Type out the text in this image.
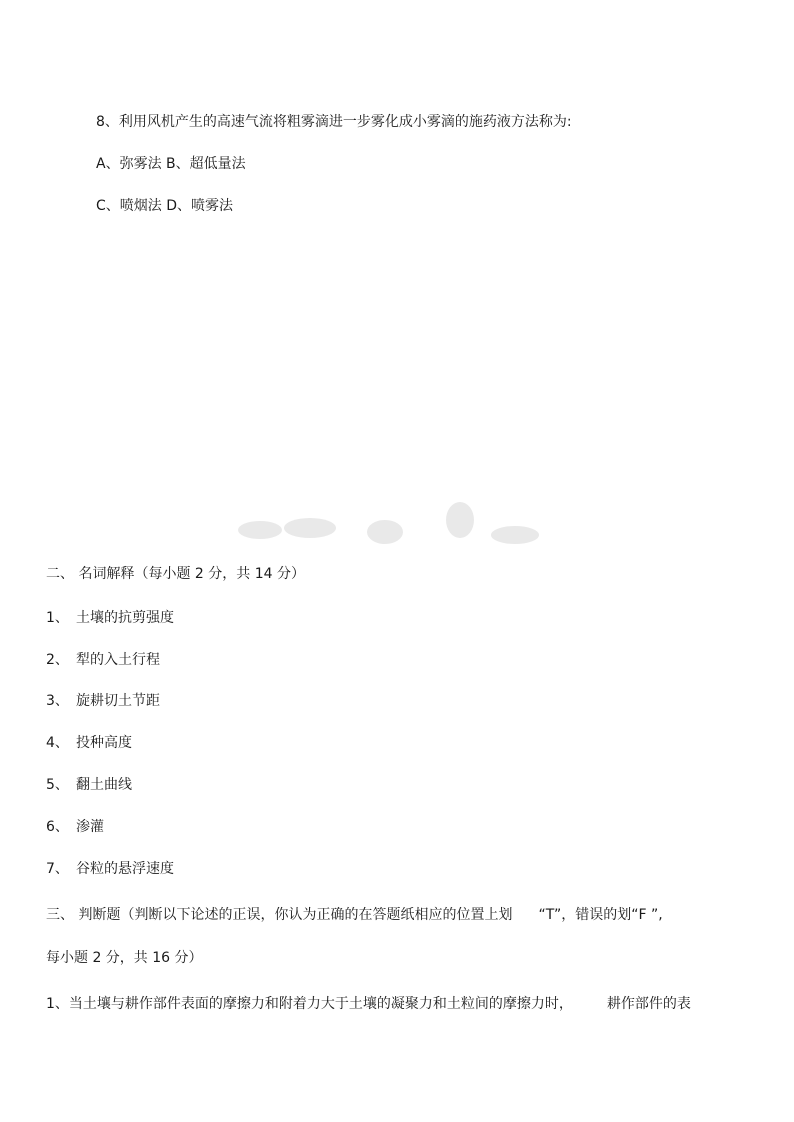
8、利用风机产生的高速气流将粗雾滴进一步雾化成小雾滴的施药液方法称为:
A、弥雾法 B、超低量法
C、喷烟法 D、喷雾法
二、 名词解释（每小题 2 分，共 14 分）
1、 土壤的抗剪强度
2、 犁的入土行程
3、 旋耕切土节距
4、 投种高度
5、 翻土曲线
6、 渗灌
7、 谷粒的悬浮速度
三、 判断题（判断以下论述的正误，你认为正确的在答题纸相应的位置上划 “T”，错误的划“F ”,
每小题 2 分，共 16 分）
1、当土壤与耕作部件表面的摩擦力和附着力大于土壤的凝聚力和土粒间的摩擦力时， 耕作部件的表
